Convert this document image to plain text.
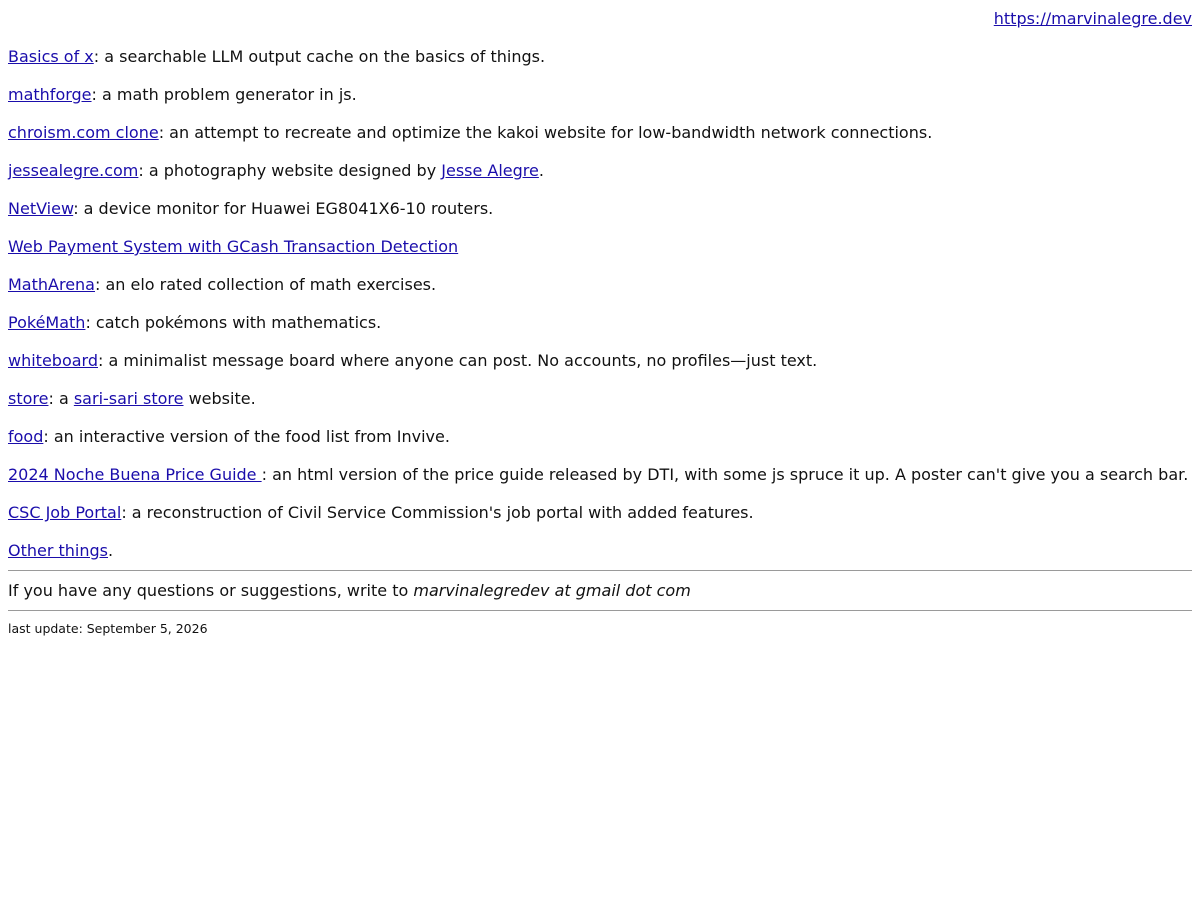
https://marvinalegre.dev
Basics of x: a searchable LLM output cache on the basics of things.
mathforge: a math problem generator in js.
chroism.com clone: an attempt to recreate and optimize the kakoi website for low-bandwidth network connections.
jessealegre.com: a photography website designed by Jesse Alegre.
NetView: a device monitor for Huawei EG8041X6-10 routers.
Web Payment System with GCash Transaction Detection
MathArena: an elo rated collection of math exercises.
PokéMath: catch pokémons with mathematics.
whiteboard: a minimalist message board where anyone can post. No accounts, no profiles—just text.
store: a sari-sari store website.
food: an interactive version of the food list from Invive.
2024 Noche Buena Price Guide : an html version of the price guide released by DTI, with some js spruce it up. A poster can't give you a search bar.
CSC Job Portal: a reconstruction of Civil Service Commission's job portal with added features.
Other things.
If you have any questions or suggestions, write to marvinalegredev at gmail dot com
last update: September 5, 2026
